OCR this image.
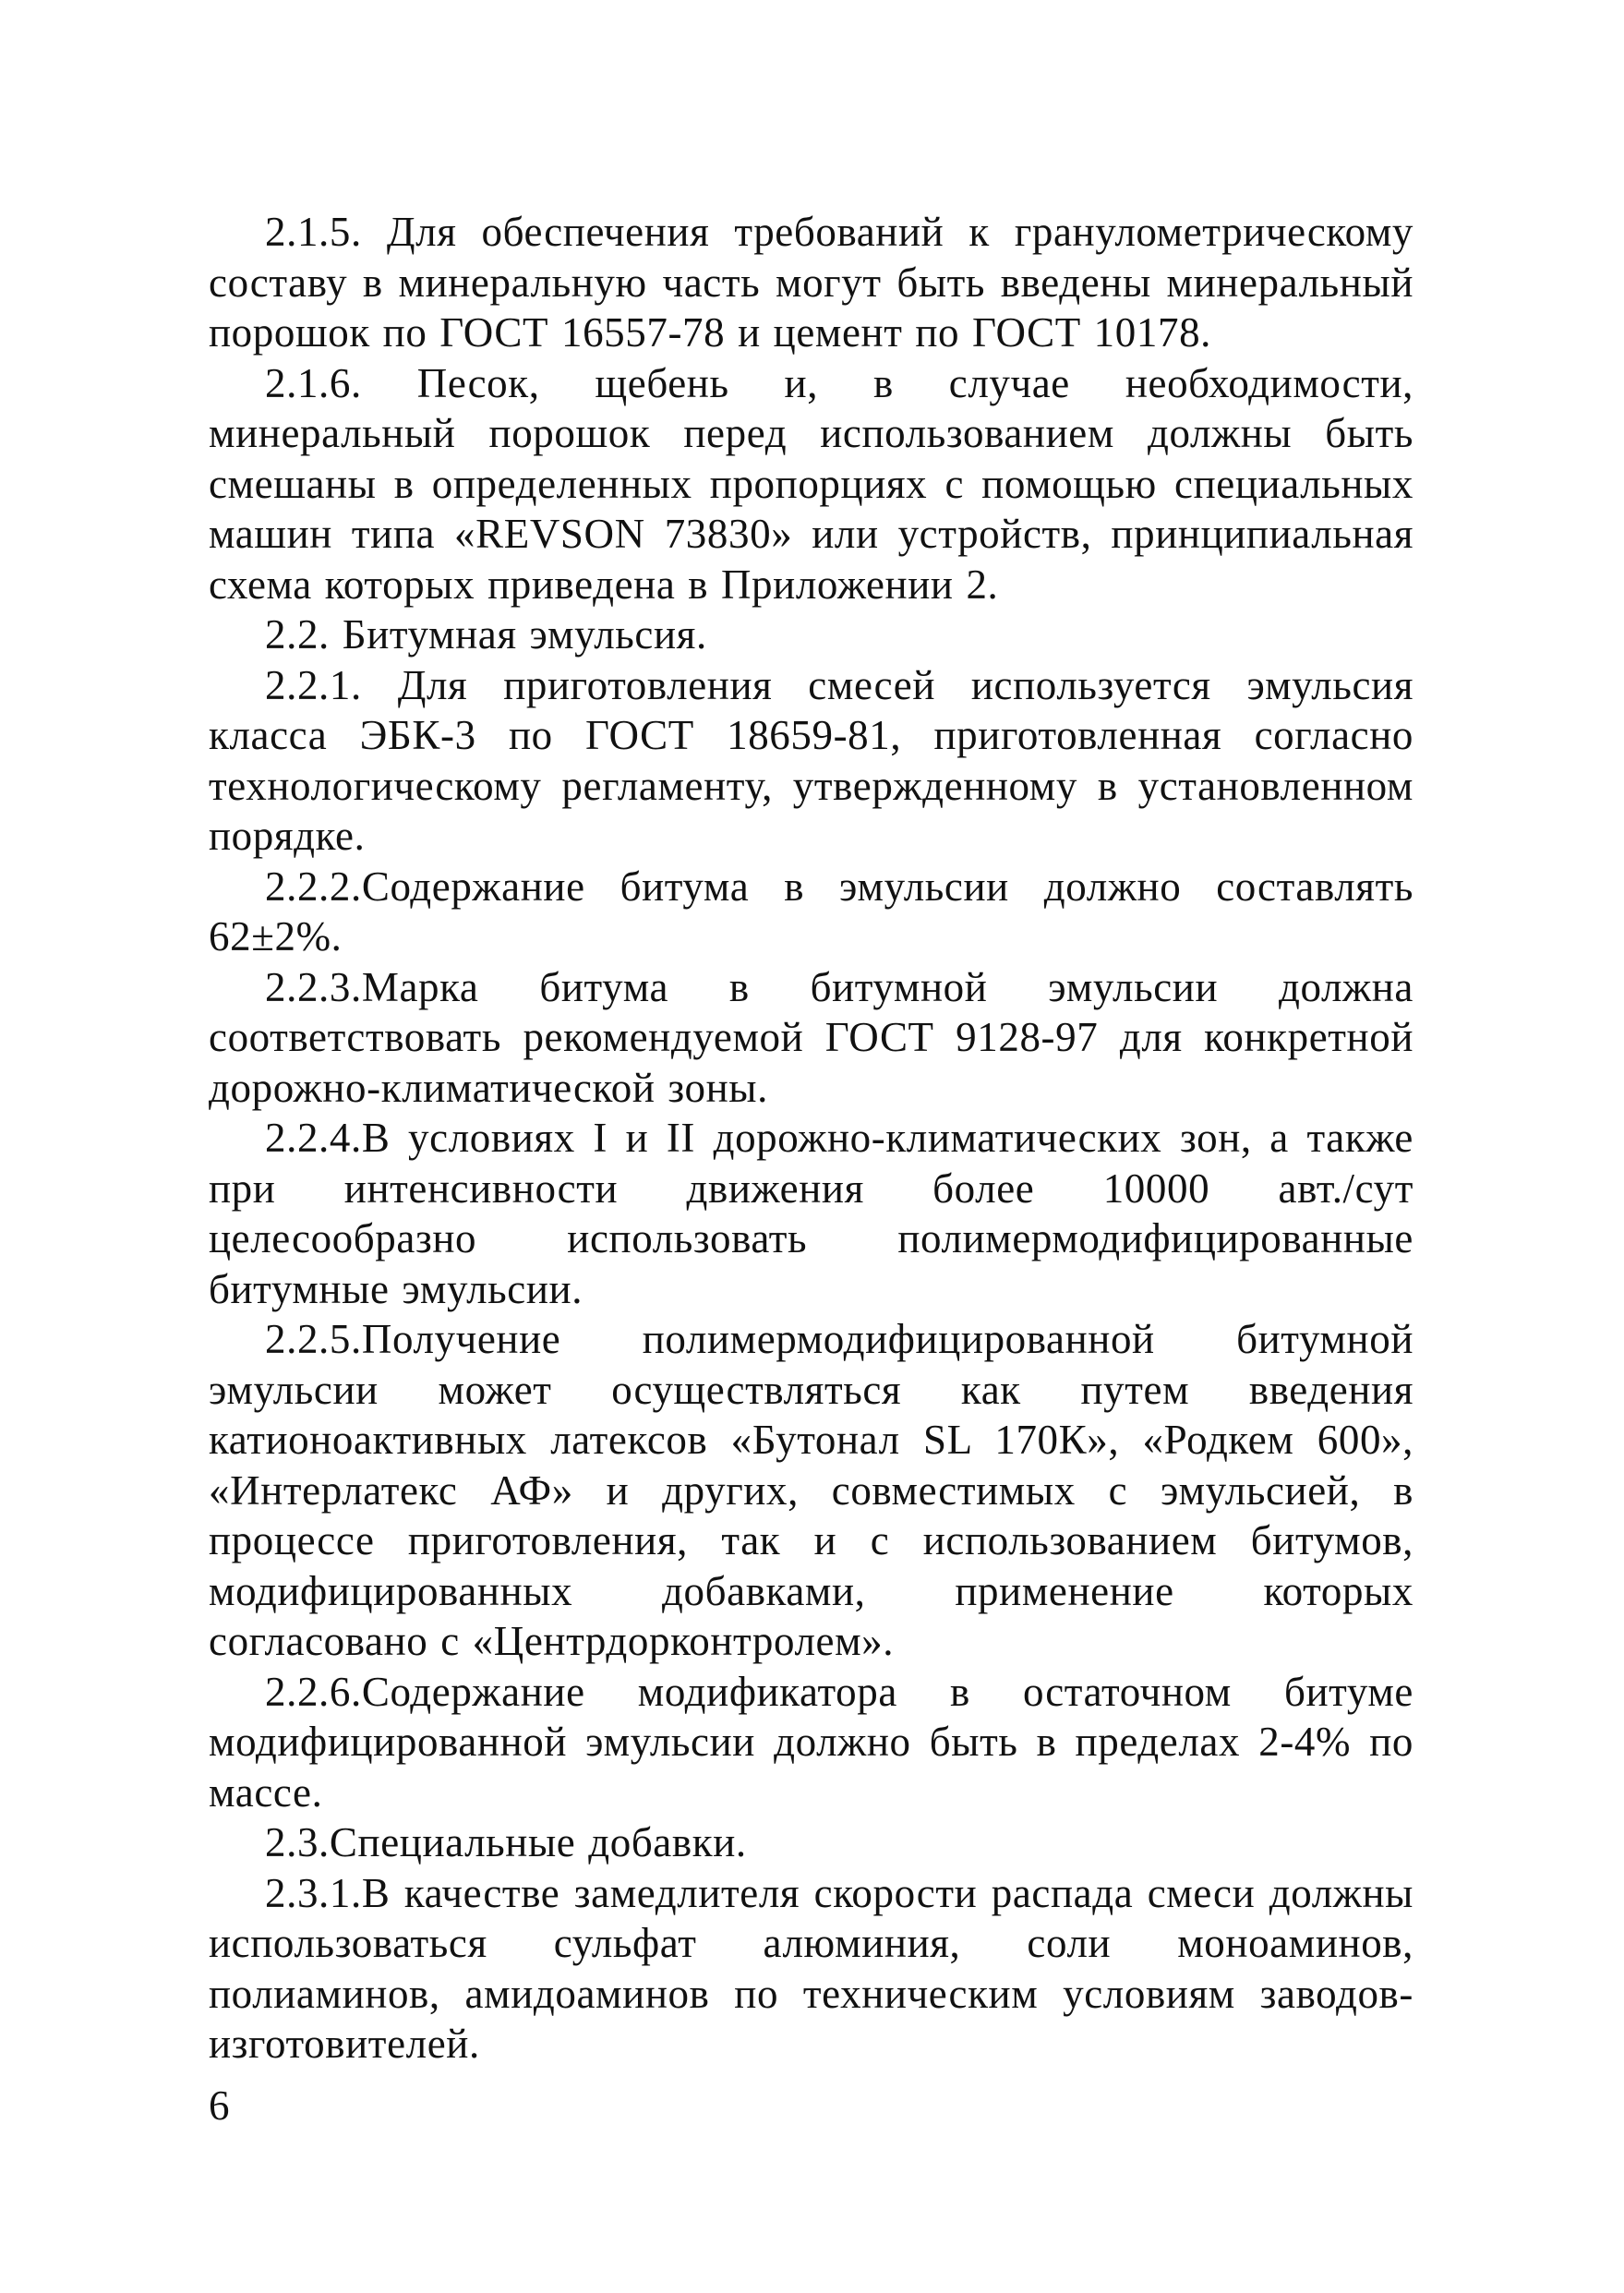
2.1.5. Для обеспечения требований к гранулометрическому составу в минеральную часть могут быть введены минеральный порошок по ГОСТ 16557-78 и цемент по ГОСТ 10178.

2.1.6. Песок, щебень и, в случае необходимости, минеральный порошок перед использованием должны быть смешаны в определенных пропорциях с помощью специальных машин типа «REVSON 73830» или устройств, принципиальная схема которых приведена в Приложении 2.

2.2. Битумная эмульсия.

2.2.1. Для приготовления смесей используется эмульсия класса ЭБК-3 по ГОСТ 18659-81, приготовленная согласно технологическому регламенту, утвержденному в установленном порядке.

2.2.2.Содержание битума в эмульсии должно составлять 62±2%.

2.2.3.Марка битума в битумной эмульсии должна соответствовать рекомендуемой ГОСТ 9128-97 для конкретной дорожно-климатической зоны.

2.2.4.В условиях I и II дорожно-климатических зон, а также при интенсивности движения более 10000 авт./сут целесообразно использовать полимермодифицированные битумные эмульсии.

2.2.5.Получение полимермодифицированной битумной эмульсии может осуществляться как путем введения катионоактивных латексов «Бутонал SL 170К», «Родкем 600», «Интерлатекс АФ» и других, совместимых с эмульсией, в процессе приготовления, так и с использованием битумов, модифицированных добавками, применение которых согласовано с «Центрдорконтролем».

2.2.6.Содержание модификатора в остаточном битуме модифицированной эмульсии должно быть в пределах 2-4% по массе.

2.3.Специальные добавки.

2.3.1.В качестве замедлителя скорости распада смеси должны использоваться сульфат алюминия, соли моноаминов, полиаминов, амидоаминов по техническим условиям заводов-изготовителей.

6
